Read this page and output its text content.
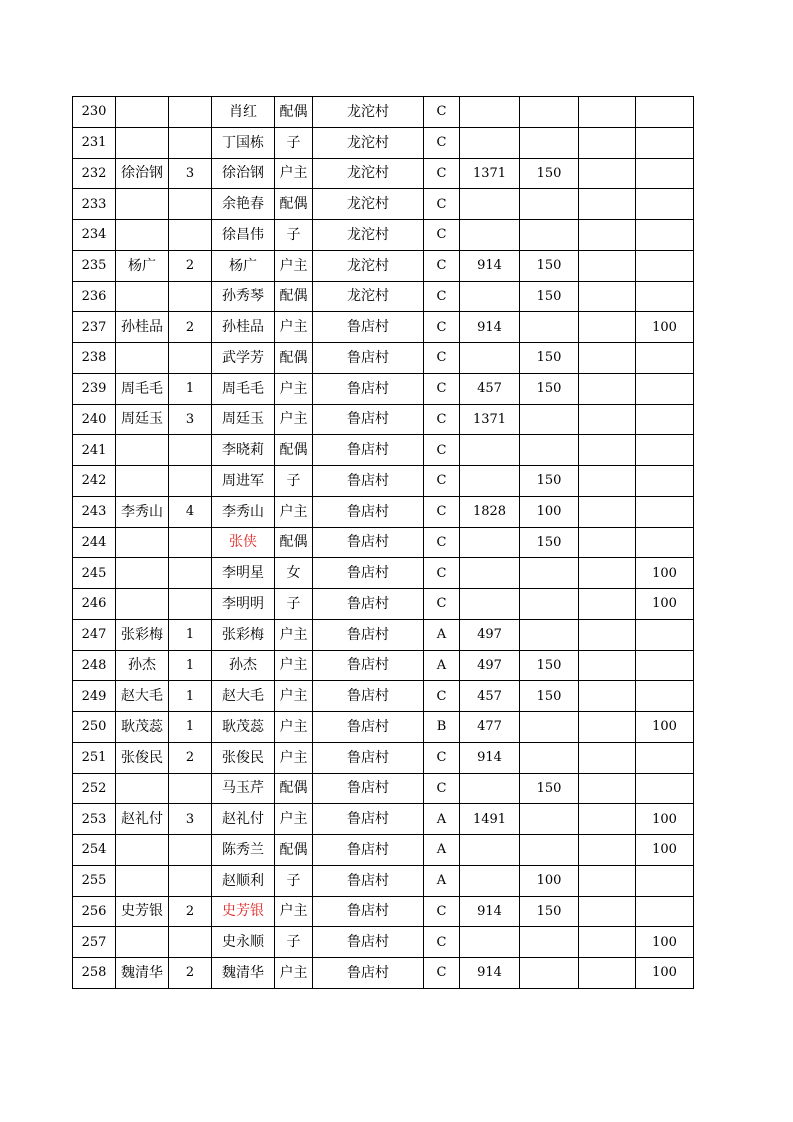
230			肖红	配偶	龙沱村	C				
231			丁国栋	子	龙沱村	C				
232	徐治钢	3	徐治钢	户主	龙沱村	C	1371	150		
233			余艳春	配偶	龙沱村	C				
234			徐昌伟	子	龙沱村	C				
235	杨广	2	杨广	户主	龙沱村	C	914	150		
236			孙秀琴	配偶	龙沱村	C		150		
237	孙桂品	2	孙桂品	户主	鲁店村	C	914			100
238			武学芳	配偶	鲁店村	C		150		
239	周毛毛	1	周毛毛	户主	鲁店村	C	457	150		
240	周廷玉	3	周廷玉	户主	鲁店村	C	1371			
241			李晓莉	配偶	鲁店村	C				
242			周进军	子	鲁店村	C		150		
243	李秀山	4	李秀山	户主	鲁店村	C	1828	100		
244			张侠	配偶	鲁店村	C		150		
245			李明星	女	鲁店村	C				100
246			李明明	子	鲁店村	C				100
247	张彩梅	1	张彩梅	户主	鲁店村	A	497			
248	孙杰	1	孙杰	户主	鲁店村	A	497	150		
249	赵大毛	1	赵大毛	户主	鲁店村	C	457	150		
250	耿茂蕊	1	耿茂蕊	户主	鲁店村	B	477			100
251	张俊民	2	张俊民	户主	鲁店村	C	914			
252			马玉芹	配偶	鲁店村	C		150		
253	赵礼付	3	赵礼付	户主	鲁店村	A	1491			100
254			陈秀兰	配偶	鲁店村	A				100
255			赵顺利	子	鲁店村	A		100		
256	史芳银	2	史芳银	户主	鲁店村	C	914	150		
257			史永顺	子	鲁店村	C				100
258	魏清华	2	魏清华	户主	鲁店村	C	914			100
